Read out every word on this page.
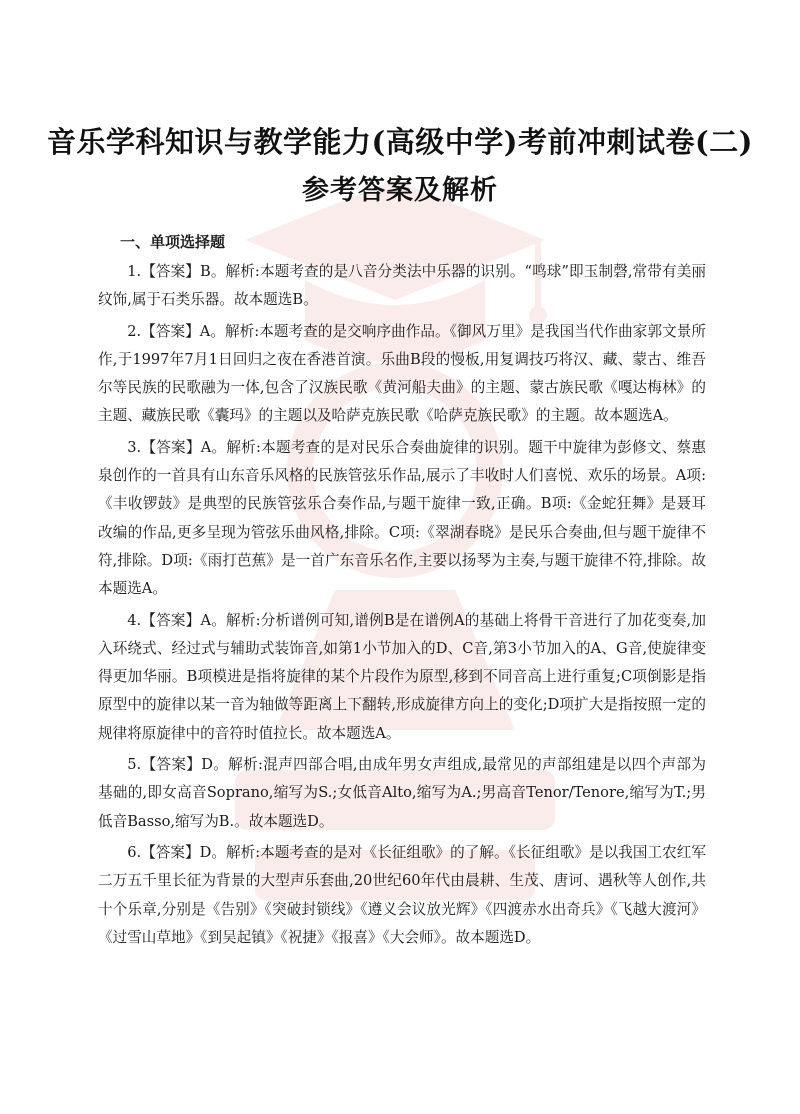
音乐学科知识与教学能力(高级中学)考前冲刺试卷(二)
参考答案及解析
一、单项选择题

1.【答案】B。解析:本题考查的是八音分类法中乐器的识别。“鸣球”即玉制磬,常带有美丽纹饰,属于石类乐器。故本题选B。

2.【答案】A。解析:本题考查的是交响序曲作品。《御风万里》是我国当代作曲家郭文景所作,于1997年7月1日回归之夜在香港首演。乐曲B段的慢板,用复调技巧将汉、藏、蒙古、维吾尔等民族的民歌融为一体,包含了汉族民歌《黄河船夫曲》的主题、蒙古族民歌《嘎达梅林》的主题、藏族民歌《囊玛》的主题以及哈萨克族民歌《哈萨克族民歌》的主题。故本题选A。

3.【答案】A。解析:本题考查的是对民乐合奏曲旋律的识别。题干中旋律为彭修文、蔡惠泉创作的一首具有山东音乐风格的民族管弦乐作品,展示了丰收时人们喜悦、欢乐的场景。A项:《丰收锣鼓》是典型的民族管弦乐合奏作品,与题干旋律一致,正确。B项:《金蛇狂舞》是聂耳改编的作品,更多呈现为管弦乐曲风格,排除。C项:《翠湖春晓》是民乐合奏曲,但与题干旋律不符,排除。D项:《雨打芭蕉》是一首广东音乐名作,主要以扬琴为主奏,与题干旋律不符,排除。故本题选A。

4.【答案】A。解析:分析谱例可知,谱例B是在谱例A的基础上将骨干音进行了加花变奏,加入环绕式、经过式与辅助式装饰音,如第1小节加入的D、C音,第3小节加入的A、G音,使旋律变得更加华丽。B项模进是指将旋律的某个片段作为原型,移到不同音高上进行重复;C项倒影是指原型中的旋律以某一音为轴做等距离上下翻转,形成旋律方向上的变化;D项扩大是指按照一定的规律将原旋律中的音符时值拉长。故本题选A。

5.【答案】D。解析:混声四部合唱,由成年男女声组成,最常见的声部组建是以四个声部为基础的,即女高音Soprano,缩写为S.;女低音Alto,缩写为A.;男高音Tenor/Tenore,缩写为T.;男低音Basso,缩写为B.。故本题选D。

6.【答案】D。解析:本题考查的是对《长征组歌》的了解。《长征组歌》是以我国工农红军二万五千里长征为背景的大型声乐套曲,20世纪60年代由晨耕、生茂、唐诃、遇秋等人创作,共十个乐章,分别是《告别》《突破封锁线》《遵义会议放光辉》《四渡赤水出奇兵》《飞越大渡河》《过雪山草地》《到吴起镇》《祝捷》《报喜》《大会师》。故本题选D。
